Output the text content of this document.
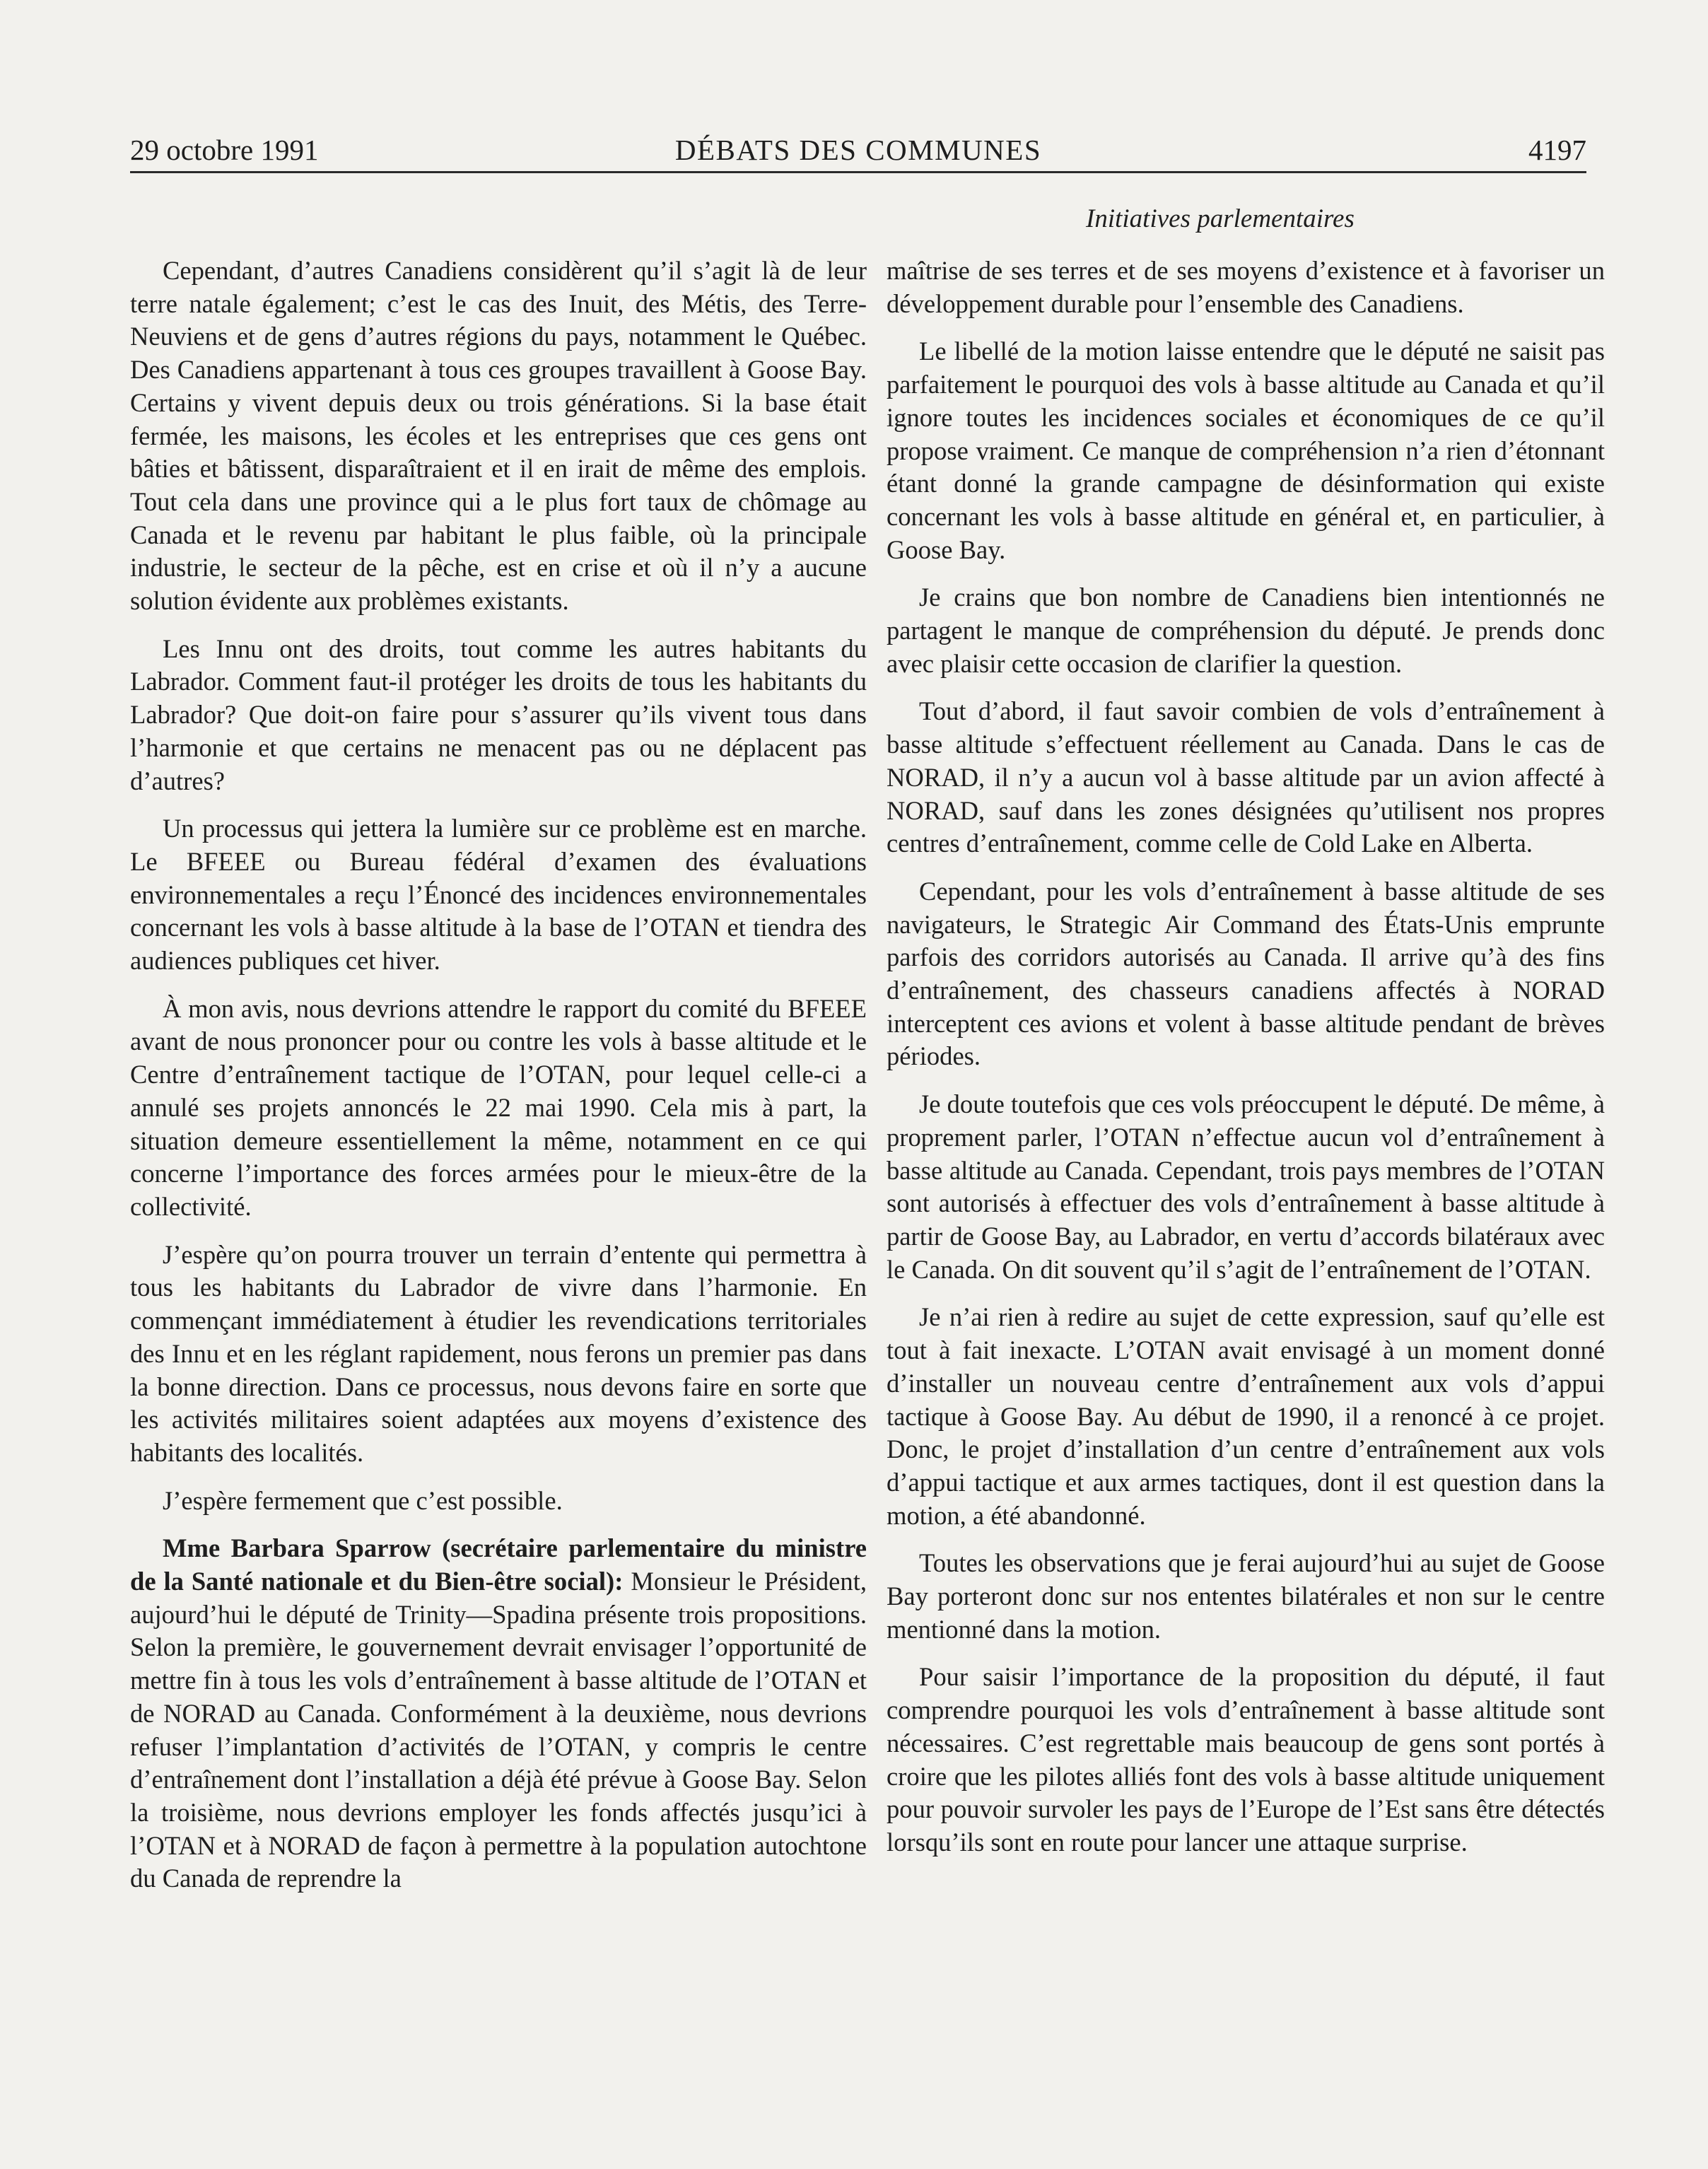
29 octobre 1991	DÉBATS DES COMMUNES	4197
Initiatives parlementaires

Cependant, d’autres Canadiens considèrent qu’il s’agit là de leur terre natale également; c’est le cas des Inuit, des Métis, des Terre-Neuviens et de gens d’autres régions du pays, notamment le Québec. Des Canadiens appartenant à tous ces groupes travaillent à Goose Bay. Certains y vivent depuis deux ou trois générations. Si la base était fermée, les maisons, les écoles et les entreprises que ces gens ont bâties et bâtissent, disparaîtraient et il en irait de même des emplois. Tout cela dans une province qui a le plus fort taux de chômage au Canada et le revenu par habitant le plus faible, où la principale industrie, le secteur de la pêche, est en crise et où il n’y a aucune solution évidente aux problèmes existants.

Les Innu ont des droits, tout comme les autres habitants du Labrador. Comment faut-il protéger les droits de tous les habitants du Labrador? Que doit-on faire pour s’assurer qu’ils vivent tous dans l’harmonie et que certains ne menacent pas ou ne déplacent pas d’autres?

Un processus qui jettera la lumière sur ce problème est en marche. Le BFEEE ou Bureau fédéral d’examen des évaluations environnementales a reçu l’Énoncé des incidences environnementales concernant les vols à basse altitude à la base de l’OTAN et tiendra des audiences publiques cet hiver.

À mon avis, nous devrions attendre le rapport du comité du BFEEE avant de nous prononcer pour ou contre les vols à basse altitude et le Centre d’entraînement tactique de l’OTAN, pour lequel celle-ci a annulé ses projets annoncés le 22 mai 1990. Cela mis à part, la situation demeure essentiellement la même, notamment en ce qui concerne l’importance des forces armées pour le mieux-être de la collectivité.

J’espère qu’on pourra trouver un terrain d’entente qui permettra à tous les habitants du Labrador de vivre dans l’harmonie. En commençant immédiatement à étudier les revendications territoriales des Innu et en les réglant rapidement, nous ferons un premier pas dans la bonne direction. Dans ce processus, nous devons faire en sorte que les activités militaires soient adaptées aux moyens d’existence des habitants des localités.

J’espère fermement que c’est possible.

Mme Barbara Sparrow (secrétaire parlementaire du ministre de la Santé nationale et du Bien-être social): Monsieur le Président, aujourd’hui le député de Trinity—Spadina présente trois propositions. Selon la première, le gouvernement devrait envisager l’opportunité de mettre fin à tous les vols d’entraînement à basse altitude de l’OTAN et de NORAD au Canada. Conformément à la deuxième, nous devrions refuser l’implantation d’activités de l’OTAN, y compris le centre d’entraînement dont l’installation a déjà été prévue à Goose Bay. Selon la troisième, nous devrions employer les fonds affectés jusqu’ici à l’OTAN et à NORAD de façon à permettre à la population autochtone du Canada de reprendre la

maîtrise de ses terres et de ses moyens d’existence et à favoriser un développement durable pour l’ensemble des Canadiens.

Le libellé de la motion laisse entendre que le député ne saisit pas parfaitement le pourquoi des vols à basse altitude au Canada et qu’il ignore toutes les incidences sociales et économiques de ce qu’il propose vraiment. Ce manque de compréhension n’a rien d’étonnant étant donné la grande campagne de désinformation qui existe concernant les vols à basse altitude en général et, en particulier, à Goose Bay.

Je crains que bon nombre de Canadiens bien intentionnés ne partagent le manque de compréhension du député. Je prends donc avec plaisir cette occasion de clarifier la question.

Tout d’abord, il faut savoir combien de vols d’entraînement à basse altitude s’effectuent réellement au Canada. Dans le cas de NORAD, il n’y a aucun vol à basse altitude par un avion affecté à NORAD, sauf dans les zones désignées qu’utilisent nos propres centres d’entraînement, comme celle de Cold Lake en Alberta.

Cependant, pour les vols d’entraînement à basse altitude de ses navigateurs, le Strategic Air Command des États-Unis emprunte parfois des corridors autorisés au Canada. Il arrive qu’à des fins d’entraînement, des chasseurs canadiens affectés à NORAD interceptent ces avions et volent à basse altitude pendant de brèves périodes.

Je doute toutefois que ces vols préoccupent le député. De même, à proprement parler, l’OTAN n’effectue aucun vol d’entraînement à basse altitude au Canada. Cependant, trois pays membres de l’OTAN sont autorisés à effectuer des vols d’entraînement à basse altitude à partir de Goose Bay, au Labrador, en vertu d’accords bilatéraux avec le Canada. On dit souvent qu’il s’agit de l’entraînement de l’OTAN.

Je n’ai rien à redire au sujet de cette expression, sauf qu’elle est tout à fait inexacte. L’OTAN avait envisagé à un moment donné d’installer un nouveau centre d’entraînement aux vols d’appui tactique à Goose Bay. Au début de 1990, il a renoncé à ce projet. Donc, le projet d’installation d’un centre d’entraînement aux vols d’appui tactique et aux armes tactiques, dont il est question dans la motion, a été abandonné.

Toutes les observations que je ferai aujourd’hui au sujet de Goose Bay porteront donc sur nos ententes bilatérales et non sur le centre mentionné dans la motion.

Pour saisir l’importance de la proposition du député, il faut comprendre pourquoi les vols d’entraînement à basse altitude sont nécessaires. C’est regrettable mais beaucoup de gens sont portés à croire que les pilotes alliés font des vols à basse altitude uniquement pour pouvoir survoler les pays de l’Europe de l’Est sans être détectés lorsqu’ils sont en route pour lancer une attaque surprise.
